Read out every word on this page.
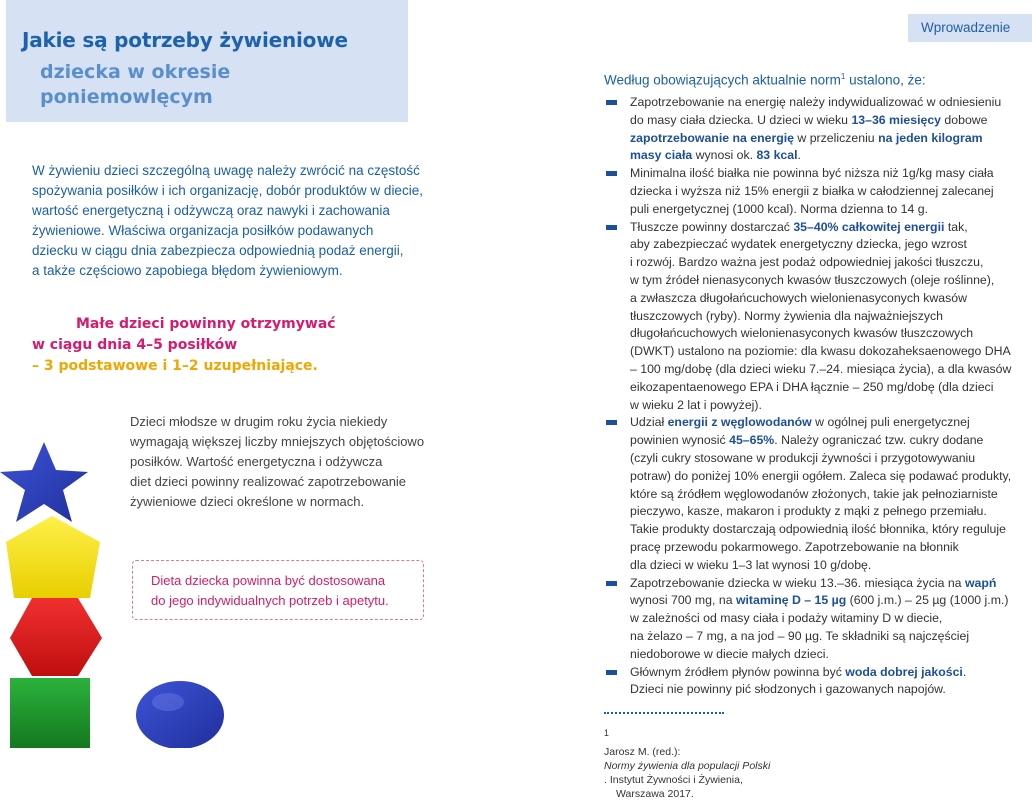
Jakie są potrzeby żywieniowe
dziecka w okresie
poniemowlęcym
W żywieniu dzieci szczególną uwagę należy zwrócić na częstość
spożywania posiłków i ich organizację, dobór produktów w diecie,
wartość energetyczną i odżywczą oraz nawyki i zachowania
żywieniowe. Właściwa organizacja posiłków podawanych
dziecku w ciągu dnia zabezpiecza odpowiednią podaż energii,
a także częściowo zapobiega błędom żywieniowym.
Małe dzieci powinny otrzymywać
w ciągu dnia 4–5 posiłków
– 3 podstawowe i 1–2 uzupełniające.
Dzieci młodsze w drugim roku życia niekiedy
wymagają większej liczby mniejszych objętościowo
posiłków. Wartość energetyczna i odżywcza
diet dzieci powinny realizować zapotrzebowanie
żywieniowe dzieci określone w normach.
Dieta dziecka powinna być dostosowana
do jego indywidualnych potrzeb i apetytu.
Wprowadzenie
Według obowiązujących aktualnie norm$^1$ ustalono, że:
Zapotrzebowanie na energię należy indywidualizować w odniesieniu
do masy ciała dziecka. U dzieci w wieku 13–36 miesięcy dobowe
zapotrzebowanie na energię w przeliczeniu na jeden kilogram
masy ciała wynosi ok. 83 kcal.
Minimalna ilość białka nie powinna być niższa niż 1g/kg masy ciała
dziecka i wyższa niż 15% energii z białka w całodziennej zalecanej
puli energetycznej (1000 kcal). Norma dzienna to 14 g.
Tłuszcze powinny dostarczać 35–40% całkowitej energii tak,
aby zabezpieczać wydatek energetyczny dziecka, jego wzrost
i rozwój. Bardzo ważna jest podaż odpowiedniej jakości tłuszczu,
w tym źródeł nienasyconych kwasów tłuszczowych (oleje roślinne),
a zwłaszcza długołańcuchowych wielonienasyconych kwasów
tłuszczowych (ryby). Normy żywienia dla najważniejszych
długołańcuchowych wielonienasyconych kwasów tłuszczowych
(DWKT) ustalono na poziomie: dla kwasu dokozaheksaenowego DHA
– 100 mg/dobę (dla dzieci wieku 7.–24. miesiąca życia), a dla kwasów
eikozapentaenowego EPA i DHA łącznie – 250 mg/dobę (dla dzieci
w wieku 2 lat i powyżej).
Udział energii z węglowodanów w ogólnej puli energetycznej
powinien wynosić 45–65%. Należy ograniczać tzw. cukry dodane
(czyli cukry stosowane w produkcji żywności i przygotowywaniu
potraw) do poniżej 10% energii ogółem. Zaleca się podawać produkty,
które są źródłem węglowodanów złożonych, takie jak pełnoziarniste
pieczywo, kasze, makaron i produkty z mąki z pełnego przemiału.
Takie produkty dostarczają odpowiednią ilość błonnika, który reguluje
pracę przewodu pokarmowego. Zapotrzebowanie na błonnik
dla dzieci w wieku 1–3 lat wynosi 10 g/dobę.
Zapotrzebowanie dziecka w wieku 13.–36. miesiąca życia na wapń
wynosi 700 mg, na witaminę D – 15 µg (600 j.m.) – 25 µg (1000 j.m.)
w zależności od masy ciała i podaży witaminy D w diecie,
na żelazo – 7 mg, a na jod – 90 µg. Te składniki są najczęściej
niedoborowe w diecie małych dzieci.
Głównym źródłem płynów powinna być woda dobrej jakości.
Dzieci nie powinny pić słodzonych i gazowanych napojów.
$^1$
Jarosz M. (red.):
Normy żywienia dla populacji Polski
. Instytut Żywności i Żywienia,
Warszawa 2017.
